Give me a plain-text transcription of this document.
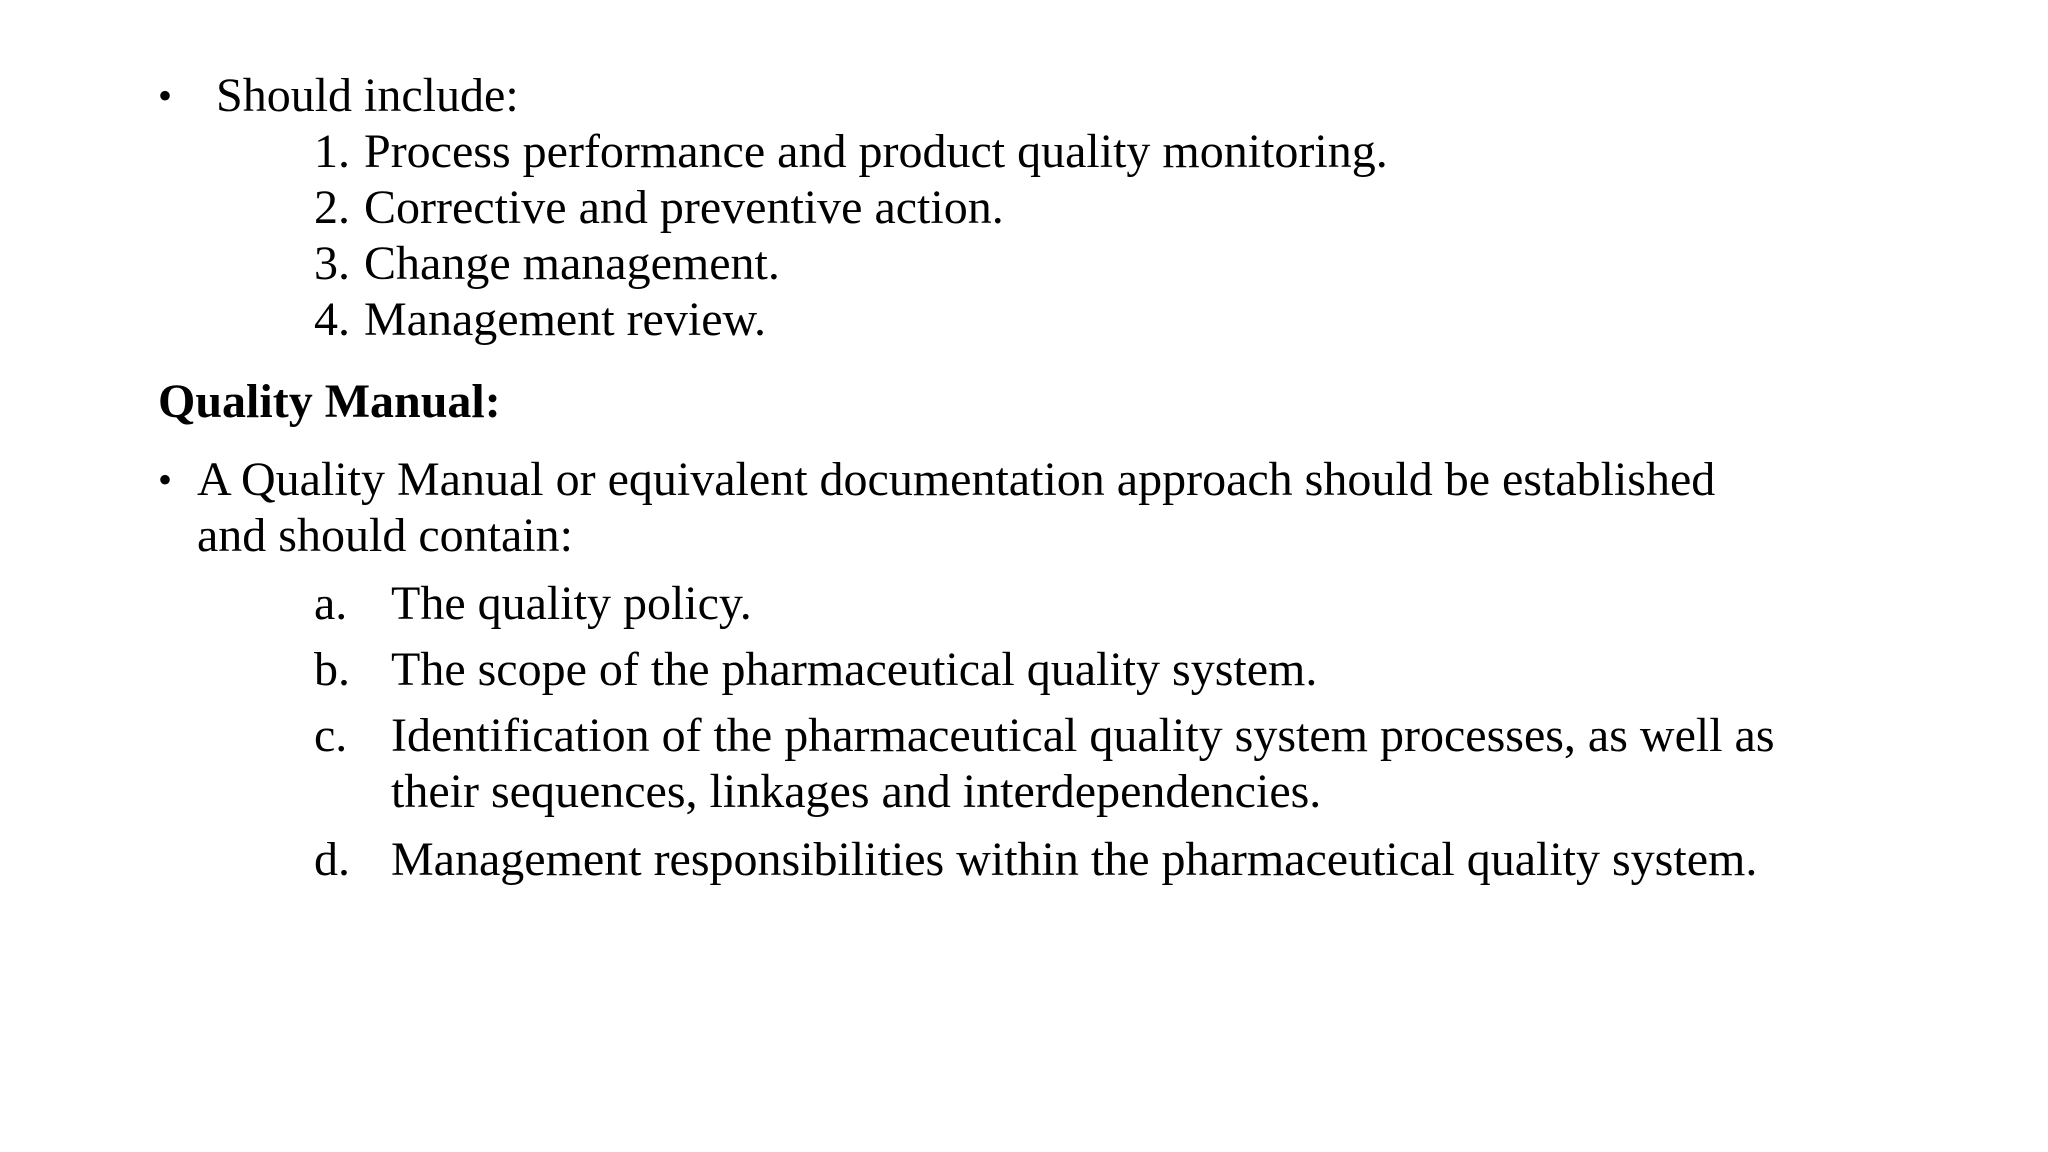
• Should include:
1. Process performance and product quality monitoring.
2. Corrective and preventive action.
3. Change management.
4. Management review.
Quality Manual:
• A Quality Manual or equivalent documentation approach should be established
and should contain:
a. The quality policy.
b. The scope of the pharmaceutical quality system.
c. Identification of the pharmaceutical quality system processes, as well as
their sequences, linkages and interdependencies.
d. Management responsibilities within the pharmaceutical quality system.
